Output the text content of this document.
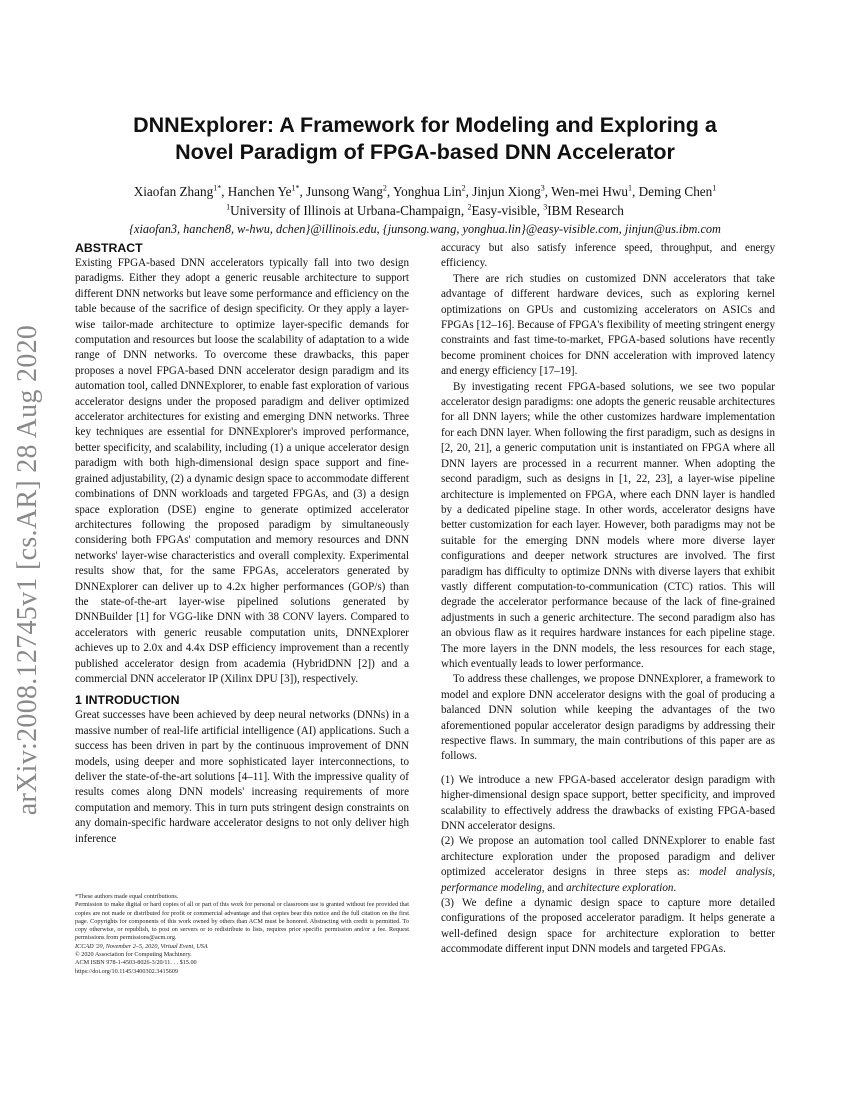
arXiv:2008.12745v1 [cs.AR] 28 Aug 2020
DNNExplorer: A Framework for Modeling and Exploring a
Novel Paradigm of FPGA-based DNN Accelerator
Xiaofan Zhang$^{1*}$, Hanchen $Ye^{1*}$, Junsong Wang$^2$, Yonghua Lin$^2$, Jinjun Xiong$^3$, Wen-mei Hwu$^1$, Deming Chen$^1$
$^1$University of Illinois at Urbana-Champaign, $^2$Easy-visible, $^3$IBM Research
{xiaofan3, hanchen8, w-hwu, dchen}@illinois.edu, {junsong.wang, yonghua.lin}@easy-visible.com, jinjun@us.ibm.com
ABSTRACT

Existing FPGA-based DNN accelerators typically fall into two design paradigms. Either they adopt a generic reusable architecture to support different DNN networks but leave some performance and efficiency on the table because of the sacrifice of design specificity. Or they apply a layer-wise tailor-made architecture to optimize layer-specific demands for computation and resources but loose the scalability of adaptation to a wide range of DNN networks. To overcome these drawbacks, this paper proposes a novel FPGA-based DNN accelerator design paradigm and its automation tool, called DNNExplorer, to enable fast exploration of various accelerator designs under the proposed paradigm and deliver optimized accelerator architectures for existing and emerging DNN networks. Three key techniques are essential for DNNExplorer's improved performance, better specificity, and scalability, including (1) a unique accelerator design paradigm with both high-dimensional design space support and fine-grained adjustability, (2) a dynamic design space to accommodate different combinations of DNN workloads and targeted FPGAs, and (3) a design space exploration (DSE) engine to generate optimized accelerator architectures following the proposed paradigm by simultaneously considering both FPGAs' computation and memory resources and DNN networks' layer-wise characteristics and overall complexity. Experimental results show that, for the same FPGAs, accelerators generated by DNNExplorer can deliver up to 4.2x higher performances (GOP/s) than the state-of-the-art layer-wise pipelined solutions generated by DNNBuilder [1] for VGG-like DNN with 38 CONV layers. Compared to accelerators with generic reusable computation units, DNNExplorer achieves up to 2.0x and 4.4x DSP efficiency improvement than a recently published accelerator design from academia (HybridDNN [2]) and a commercial DNN accelerator IP (Xilinx DPU [3]), respectively.

1 INTRODUCTION

Great successes have been achieved by deep neural networks (DNNs) in a massive number of real-life artificial intelligence (AI) applications. Such a success has been driven in part by the continuous improvement of DNN models, using deeper and more sophisticated layer interconnections, to deliver the state-of-the-art solutions [4–11]. With the impressive quality of results comes along DNN models' increasing requirements of more computation and memory. This in turn puts stringent design constraints on any domain-specific hardware accelerator designs to not only deliver high inference

*These authors made equal contributions.

Permission to make digital or hard copies of all or part of this work for personal or classroom use is granted without fee provided that copies are not made or distributed for profit or commercial advantage and that copies bear this notice and the full citation on the first page. Copyrights for components of this work owned by others than ACM must be honored. Abstracting with credit is permitted. To copy otherwise, or republish, to post on servers or to redistribute to lists, requires prior specific permission and/or a fee. Request permissions from permissions@acm.org.

ICCAD '20, November 2–5, 2020, Virtual Event, USA

© 2020 Association for Computing Machinery.

ACM ISBN 978-1-4503-8026-3/20/11. . . $15.00

https://doi.org/10.1145/3400302.3415609

accuracy but also satisfy inference speed, throughput, and energy efficiency.

There are rich studies on customized DNN accelerators that take advantage of different hardware devices, such as exploring kernel optimizations on GPUs and customizing accelerators on ASICs and FPGAs [12–16]. Because of FPGA's flexibility of meeting stringent energy constraints and fast time-to-market, FPGA-based solutions have recently become prominent choices for DNN acceleration with improved latency and energy efficiency [17–19].

By investigating recent FPGA-based solutions, we see two popular accelerator design paradigms: one adopts the generic reusable architectures for all DNN layers; while the other customizes hardware implementation for each DNN layer. When following the first paradigm, such as designs in [2, 20, 21], a generic computation unit is instantiated on FPGA where all DNN layers are processed in a recurrent manner. When adopting the second paradigm, such as designs in [1, 22, 23], a layer-wise pipeline architecture is implemented on FPGA, where each DNN layer is handled by a dedicated pipeline stage. In other words, accelerator designs have better customization for each layer. However, both paradigms may not be suitable for the emerging DNN models where more diverse layer configurations and deeper network structures are involved. The first paradigm has difficulty to optimize DNNs with diverse layers that exhibit vastly different computation-to-communication (CTC) ratios. This will degrade the accelerator performance because of the lack of fine-grained adjustments in such a generic architecture. The second paradigm also has an obvious flaw as it requires hardware instances for each pipeline stage. The more layers in the DNN models, the less resources for each stage, which eventually leads to lower performance.

To address these challenges, we propose DNNExplorer, a framework to model and explore DNN accelerator designs with the goal of producing a balanced DNN solution while keeping the advantages of the two aforementioned popular accelerator design paradigms by addressing their respective flaws. In summary, the main contributions of this paper are as follows.

(1) We introduce a new FPGA-based accelerator design paradigm with higher-dimensional design space support, better specificity, and improved scalability to effectively address the drawbacks of existing FPGA-based DNN accelerator designs.

(2) We propose an automation tool called DNNExplorer to enable fast architecture exploration under the proposed paradigm and deliver optimized accelerator designs in three steps as: model analysis, performance modeling, and architecture exploration.

(3) We define a dynamic design space to capture more detailed configurations of the proposed accelerator paradigm. It helps generate a well-defined design space for architecture exploration to better accommodate different input DNN models and targeted FPGAs.
